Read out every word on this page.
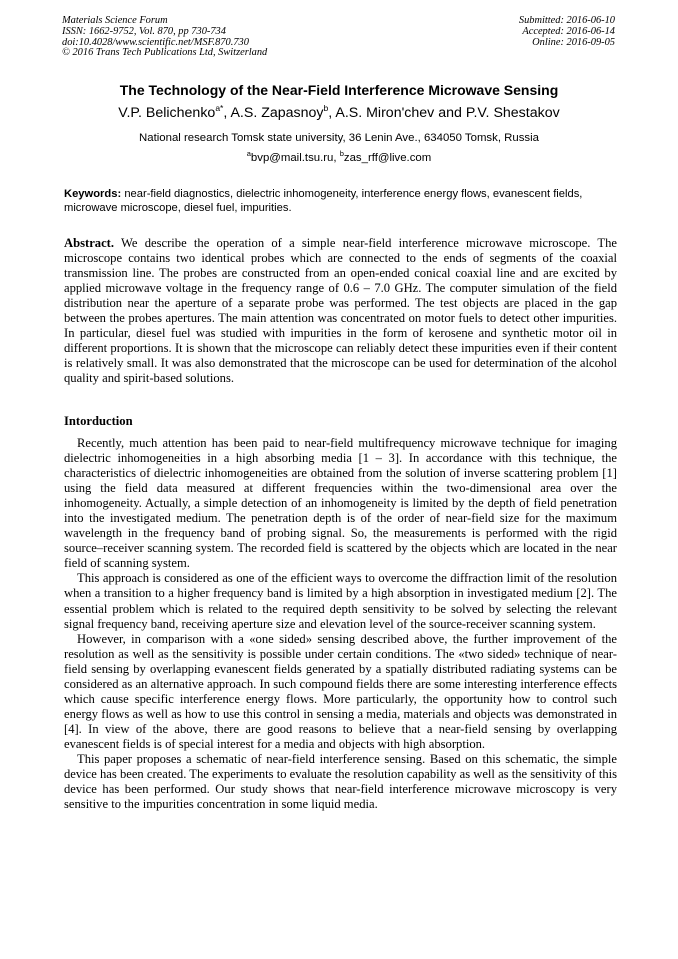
Materials Science Forum
ISSN: 1662-9752, Vol. 870, pp 730-734
doi:10.4028/www.scientific.net/MSF.870.730
© 2016 Trans Tech Publications Ltd, Switzerland
Submitted: 2016-06-10
Accepted: 2016-06-14
Online: 2016-09-05
The Technology of the Near-Field Interference Microwave Sensing
V.P. Belichenko$^{a*}$, A.S. Zapasnoy$^b$, A.S. Miron'chev and P.V. Shestakov
National research Tomsk state university, 36 Lenin Ave., 634050 Tomsk, Russia
$^a$bvp@mail.tsu.ru, $^b$zas_rff@live.com
Keywords: near-field diagnostics, dielectric inhomogeneity, interference energy flows, evanescent fields, microwave microscope, diesel fuel, impurities.

Abstract. We describe the operation of a simple near-field interference microwave microscope. The microscope contains two identical probes which are connected to the ends of segments of the coaxial transmission line. The probes are constructed from an open-ended conical coaxial line and are excited by applied microwave voltage in the frequency range of 0.6 – 7.0 GHz. The computer simulation of the field distribution near the aperture of a separate probe was performed. The test objects are placed in the gap between the probes apertures. The main attention was concentrated on motor fuels to detect other impurities. In particular, diesel fuel was studied with impurities in the form of kerosene and synthetic motor oil in different proportions. It is shown that the microscope can reliably detect these impurities even if their content is relatively small. It was also demonstrated that the microscope can be used for determination of the alcohol quality and spirit-based solutions.

Intorduction

Recently, much attention has been paid to near-field multifrequency microwave technique for imaging dielectric inhomogeneities in a high absorbing media [1 – 3]. In accordance with this technique, the characteristics of dielectric inhomogeneities are obtained from the solution of inverse scattering problem [1] using the field data measured at different frequencies within the two-dimensional area over the inhomogeneity. Actually, a simple detection of an inhomogeneity is limited by the depth of field penetration into the investigated medium. The penetration depth is of the order of near-field size for the maximum wavelength in the frequency band of probing signal. So, the measurements is performed with the rigid source–receiver scanning system. The recorded field is scattered by the objects which are located in the near field of scanning system.

This approach is considered as one of the efficient ways to overcome the diffraction limit of the resolution when a transition to a higher frequency band is limited by a high absorption in investigated medium [2]. The essential problem which is related to the required depth sensitivity to be solved by selecting the relevant signal frequency band, receiving aperture size and elevation level of the source-receiver scanning system.

However, in comparison with a «one sided» sensing described above, the further improvement of the resolution as well as the sensitivity is possible under certain conditions. The «two sided» technique of near-field sensing by overlapping evanescent fields generated by a spatially distributed radiating systems can be considered as an alternative approach. In such compound fields there are some interesting interference effects which cause specific interference energy flows. More particularly, the opportunity how to control such energy flows as well as how to use this control in sensing a media, materials and objects was demonstrated in [4]. In view of the above, there are good reasons to believe that a near-field sensing by overlapping evanescent fields is of special interest for a media and objects with high absorption.

This paper proposes a schematic of near-field interference sensing. Based on this schematic, the simple device has been created. The experiments to evaluate the resolution capability as well as the sensitivity of this device has been performed. Our study shows that near-field interference microwave microscopy is very sensitive to the impurities concentration in some liquid media.
